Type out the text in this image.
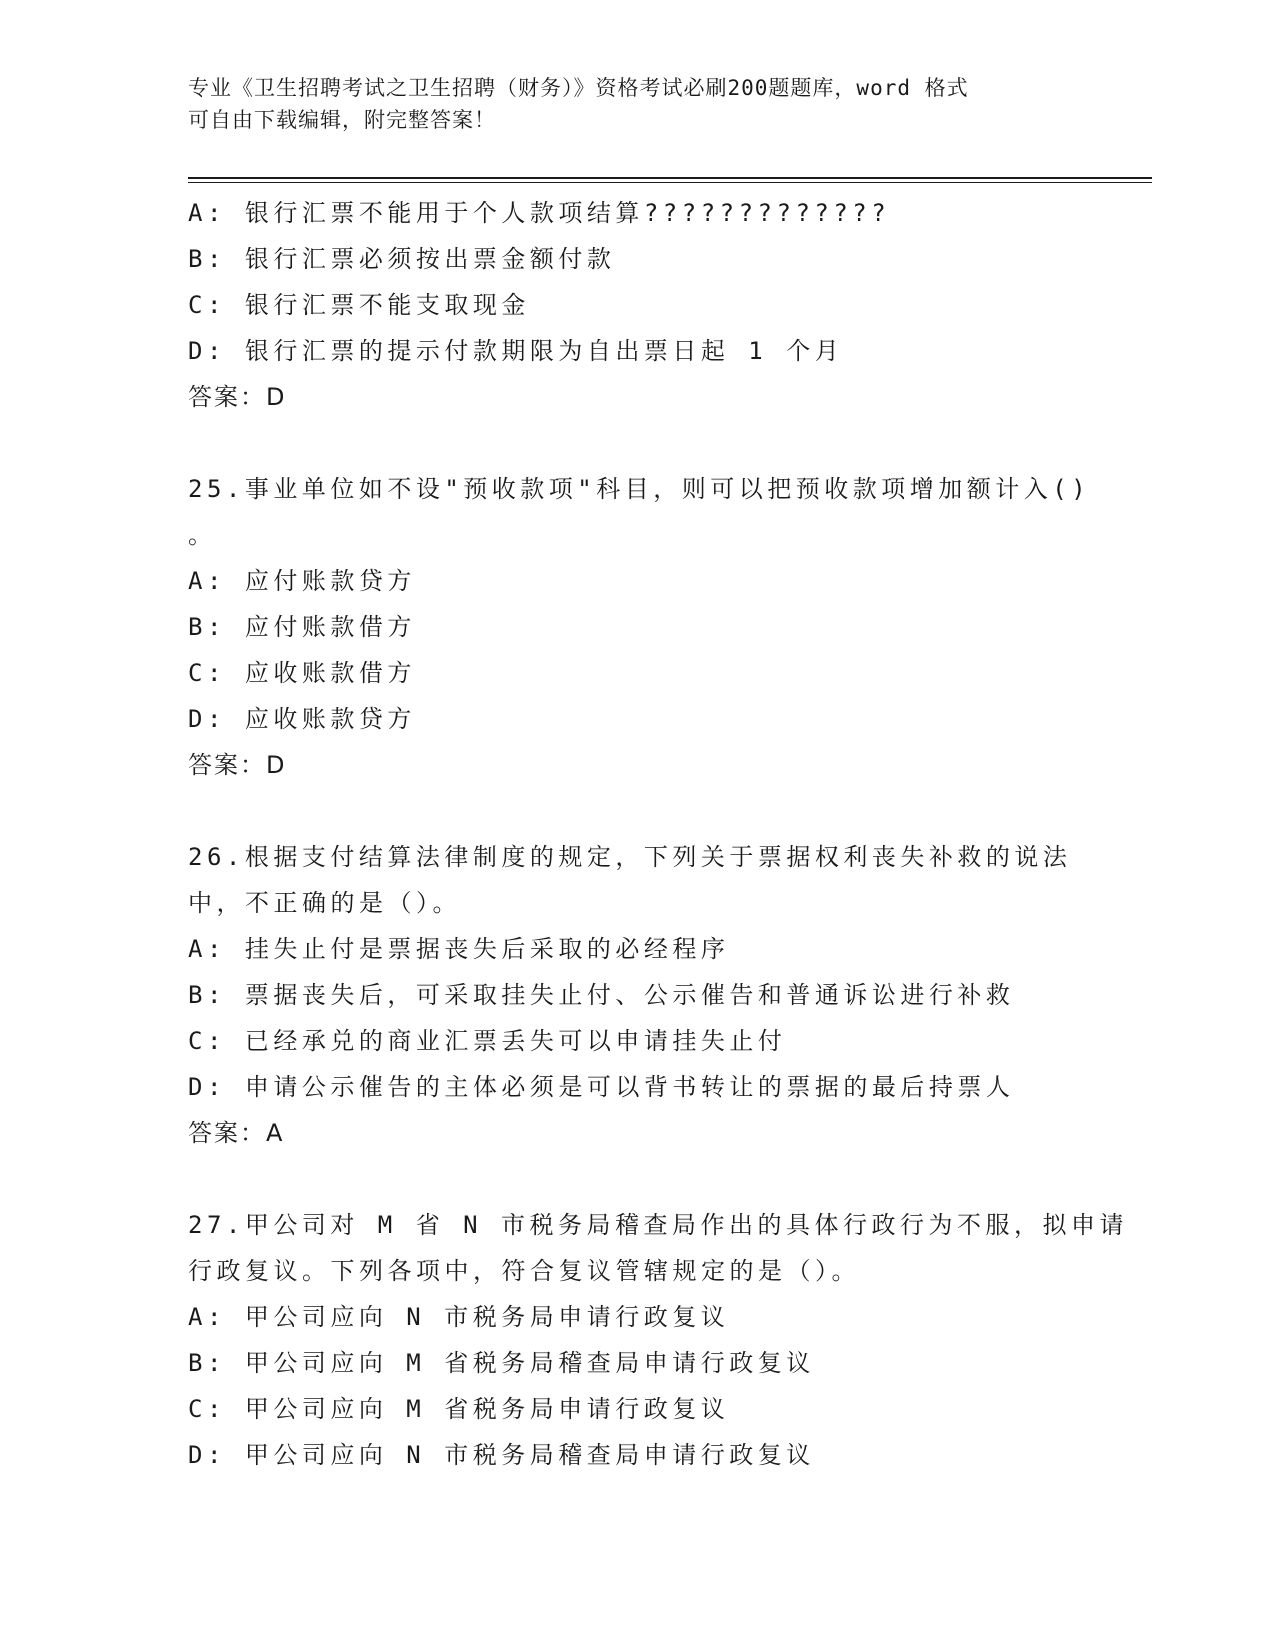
专业《卫生招聘考试之卫生招聘（财务）》资格考试必刷200题题库，word 格式
可自由下载编辑，附完整答案！
A: 银行汇票不能用于个人款项结算?????????????
B: 银行汇票必须按出票金额付款
C: 银行汇票不能支取现金
D: 银行汇票的提示付款期限为自出票日起 1 个月
答案：D
25.事业单位如不设"预收款项"科目，则可以把预收款项增加额计入()
。
A: 应付账款贷方
B: 应付账款借方
C: 应收账款借方
D: 应收账款贷方
答案：D
26.根据支付结算法律制度的规定，下列关于票据权利丧失补救的说法
中，不正确的是（）。
A: 挂失止付是票据丧失后采取的必经程序
B: 票据丧失后，可采取挂失止付、公示催告和普通诉讼进行补救
C: 已经承兑的商业汇票丢失可以申请挂失止付
D: 申请公示催告的主体必须是可以背书转让的票据的最后持票人
答案：A
27.甲公司对 M 省 N 市税务局稽查局作出的具体行政行为不服，拟申请
行政复议。下列各项中，符合复议管辖规定的是（）。
A: 甲公司应向 N 市税务局申请行政复议
B: 甲公司应向 M 省税务局稽查局申请行政复议
C: 甲公司应向 M 省税务局申请行政复议
D: 甲公司应向 N 市税务局稽查局申请行政复议
